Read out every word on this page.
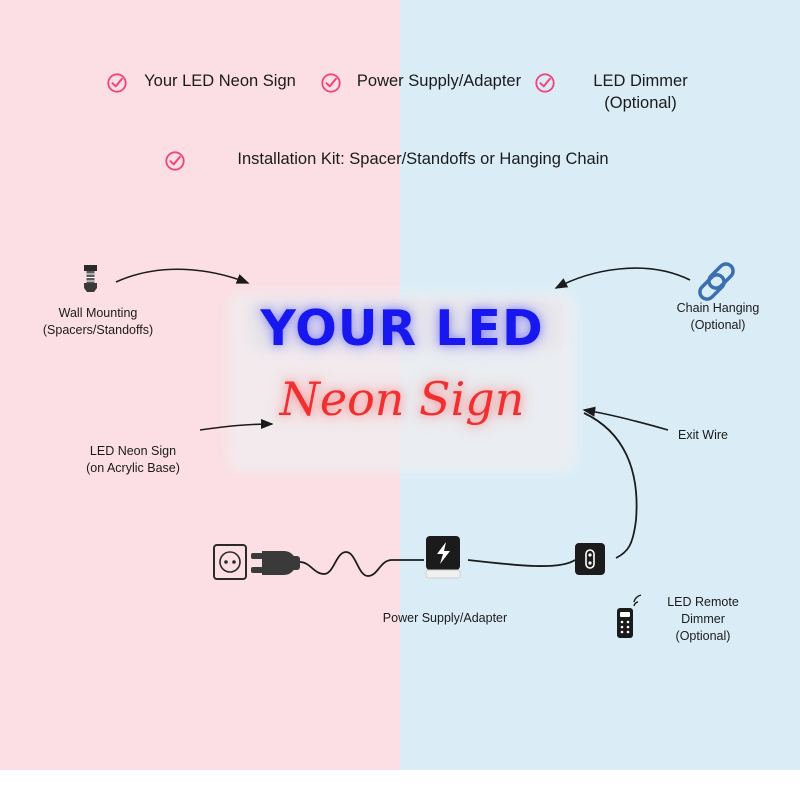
Your LED Neon Sign	Power Supply/Adapter	LED Dimmer (Optional)
Installation Kit: Spacer/Standoffs or Hanging Chain
YOUR LED
Neon Sign
Wall Mounting
(Spacers/Standoffs)
Chain Hanging
(Optional)
LED Neon Sign
(on Acrylic Base)
Exit Wire
Power Supply/Adapter
LED Remote
Dimmer
(Optional)
